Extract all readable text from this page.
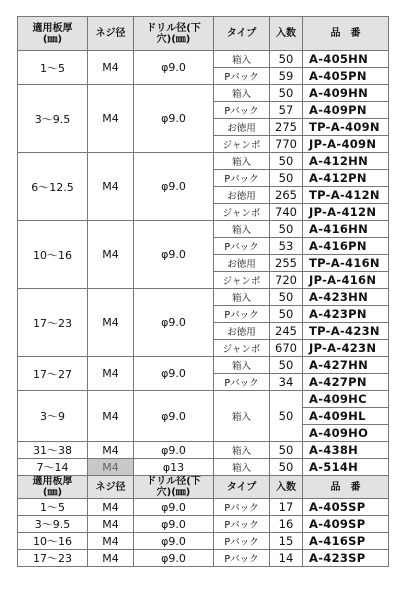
適用板厚
(㎜)	ネジ径	ドリル径(下
穴)(㎜)	タイプ	入数	品　番
1～5	M4	φ9.0	箱入	50	A-405HN
			Pパック	59	A-405PN
3～9.5	M4	φ9.0	箱入	50	A-409HN
			Pパック	57	A-409PN
			お徳用	275	TP-A-409N
			ジャンボ	770	JP-A-409N
6～12.5	M4	φ9.0	箱入	50	A-412HN
			Pパック	50	A-412PN
			お徳用	265	TP-A-412N
			ジャンボ	740	JP-A-412N
10～16	M4	φ9.0	箱入	50	A-416HN
			Pパック	53	A-416PN
			お徳用	255	TP-A-416N
			ジャンボ	720	JP-A-416N
17～23	M4	φ9.0	箱入	50	A-423HN
			Pパック	50	A-423PN
			お徳用	245	TP-A-423N
			ジャンボ	670	JP-A-423N
17～27	M4	φ9.0	箱入	50	A-427HN
			Pパック	34	A-427PN
3～9	M4	φ9.0	箱入	50	A-409HC
					A-409HL
					A-409HO
31～38	M4	φ9.0	箱入	50	A-438H
7～14	M4	φ13	箱入	50	A-514H
適用板厚
(㎜)	ネジ径	ドリル径(下
穴)(㎜)	タイプ	入数	品　番
1～5	M4	φ9.0	Pパック	17	A-405SP
3～9.5	M4	φ9.0	Pパック	16	A-409SP
10～16	M4	φ9.0	Pパック	15	A-416SP
17～23	M4	φ9.0	Pパック	14	A-423SP
